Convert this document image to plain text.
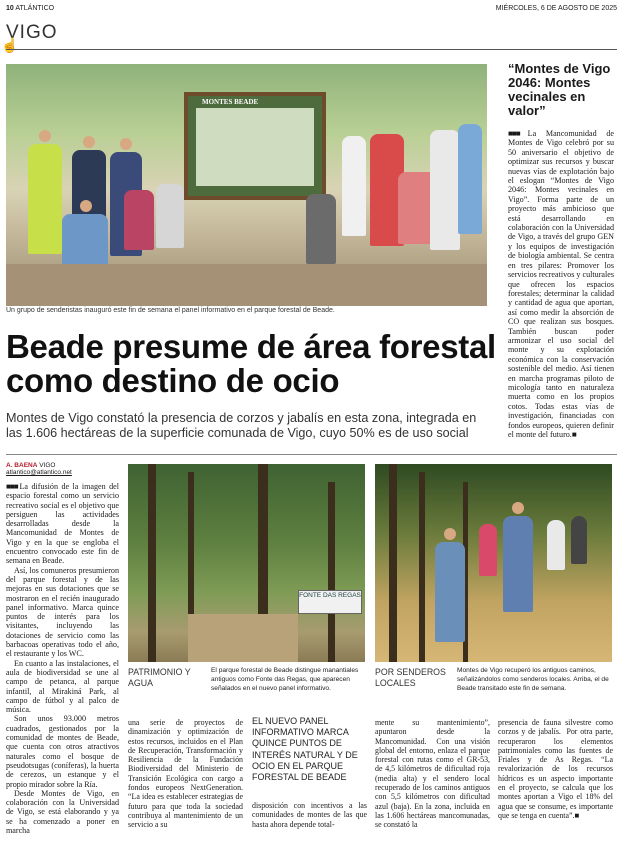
10 ATLÁNTICO	MIÉRCOLES, 6 DE AGOSTO DE 2025
VIGO
☝
MONTES BEADE
Un grupo de senderistas inauguró este fin de semana el panel informativo en el parque forestal de Beade.
“Montes de Vigo 2046: Montes vecinales en valor”
■■■ La Mancomunidad de Montes de Vigo celebró por su 50 aniversario el objetivo de optimizar sus recursos y buscar nuevas vías de explotación bajo el eslogan “Montes de Vigo 2046: Montes vecinales en Vigo”. Forma parte de un proyecto más ambicioso que está desarrollando en colaboración con la Universidad de Vigo, a través del grupo GEN y los equipos de investigación de biología ambiental. Se centra en tres pilares: Promover los servicios recreativos y culturales que ofrecen los espacios forestales; determinar la calidad y cantidad de agua que aportan, así como medir la absorción de CO que realizan sus bosques. También buscan poder armonizar el uso social del monte y su explotación económica con la conservación sostenible del medio. Así tienen en marcha programas piloto de micología tanto en naturaleza muerta como en los propios cotos. Todas estas vías de investigación, financiadas con fondos europeos, quieren definir el monte del futuro.■
Beade presume de área forestal como destino de ocio
Montes de Vigo constató la presencia de corzos y jabalís en esta zona, integrada en las 1.606 hectáreas de la superficie comunada de Vigo, cuyo 50% es de uso social
A. BAENA VIGO
atlantico@atlantico.net

■■■ La difusión de la imagen del espacio forestal como un servicio recreativo social es el objetivo que persiguen las actividades desarrolladas desde la Mancomunidad de Montes de Vigo y en la que se engloba el encuentro convocado este fin de semana en Beade.

Así, los comuneros presumieron del parque forestal y de las mejoras en sus dotaciones que se mostraron en el recién inaugurado panel informativo. Marca quince puntos de interés para los visitantes, incluyendo las dotaciones de servicio como las barbacoas operativas todo el año, el restaurante y los WC.

En cuanto a las instalaciones, el aula de biodiversidad se une al campo de petanca, al parque infantil, al Mirakiná Park, al campo de fútbol y al palco de música.

Son unos 93.000 metros cuadrados, gestionados por la comunidad de montes de Beade, que cuenta con otros atractivos naturales como el bosque de pseudotsugas (coníferas), la huerta de cerezos, un estanque y el propio mirador sobre la Ría.

Desde Montes de Vigo, en colaboración con la Universidad de Vigo, se está elaborando y ya se ha comenzado a poner en marcha

FONTE DAS REGAS
PATRIMONIO Y AGUA
El parque forestal de Beade distingue manantiales antiguos como Fonte das Regas, que aparecen señalados en el nuevo panel informativo.
POR SENDEROS LOCALES
Montes de Vigo recuperó los antiguos caminos, señalizándolos como senderos locales. Arriba, el de Beade transitado este fin de semana.
una serie de proyectos de dinamización y optimización de estos recursos, incluidos en el Plan de Recuperación, Transformación y Resiliencia de la Fundación Biodiversidad del Ministerio de Transición Ecológica con cargo a fondos europeos NextGeneration. “La idea es establecer estrategias de futuro para que toda la sociedad contribuya al mantenimiento de un servicio a su
EL NUEVO PANEL INFORMATIVO MARCA QUINCE PUNTOS DE INTERÉS NATURAL Y DE OCIO EN EL PARQUE FORESTAL DE BEADE
disposición con incentivos a las comunidades de montes de las que hasta ahora depende total-
mente su mantenimiento”, apuntaron desde la Mancomunidad.  Con una visión global del entorno, enlaza el parque forestal con rutas como el GR-53, de 4,5 kilómetros de dificultad roja (media alta) y el sendero local recuperado de los caminos antiguos con 5,5 kilómetros con dificultad azul (baja). En la zona, incluida en las 1.606 hectáreas mancomunadas, se constató la
presencia de fauna silvestre como corzos y de jabalís.  Por otra parte, recuperaron los elementos patrimoniales como las fuentes de Friales y de As Regas. “La revalorización de los recursos hídricos es un aspecto importante en el proyecto, se calcula que los montes aportan a Vigo el 18% del agua que se consume, es importante que se tenga en cuenta”.■
